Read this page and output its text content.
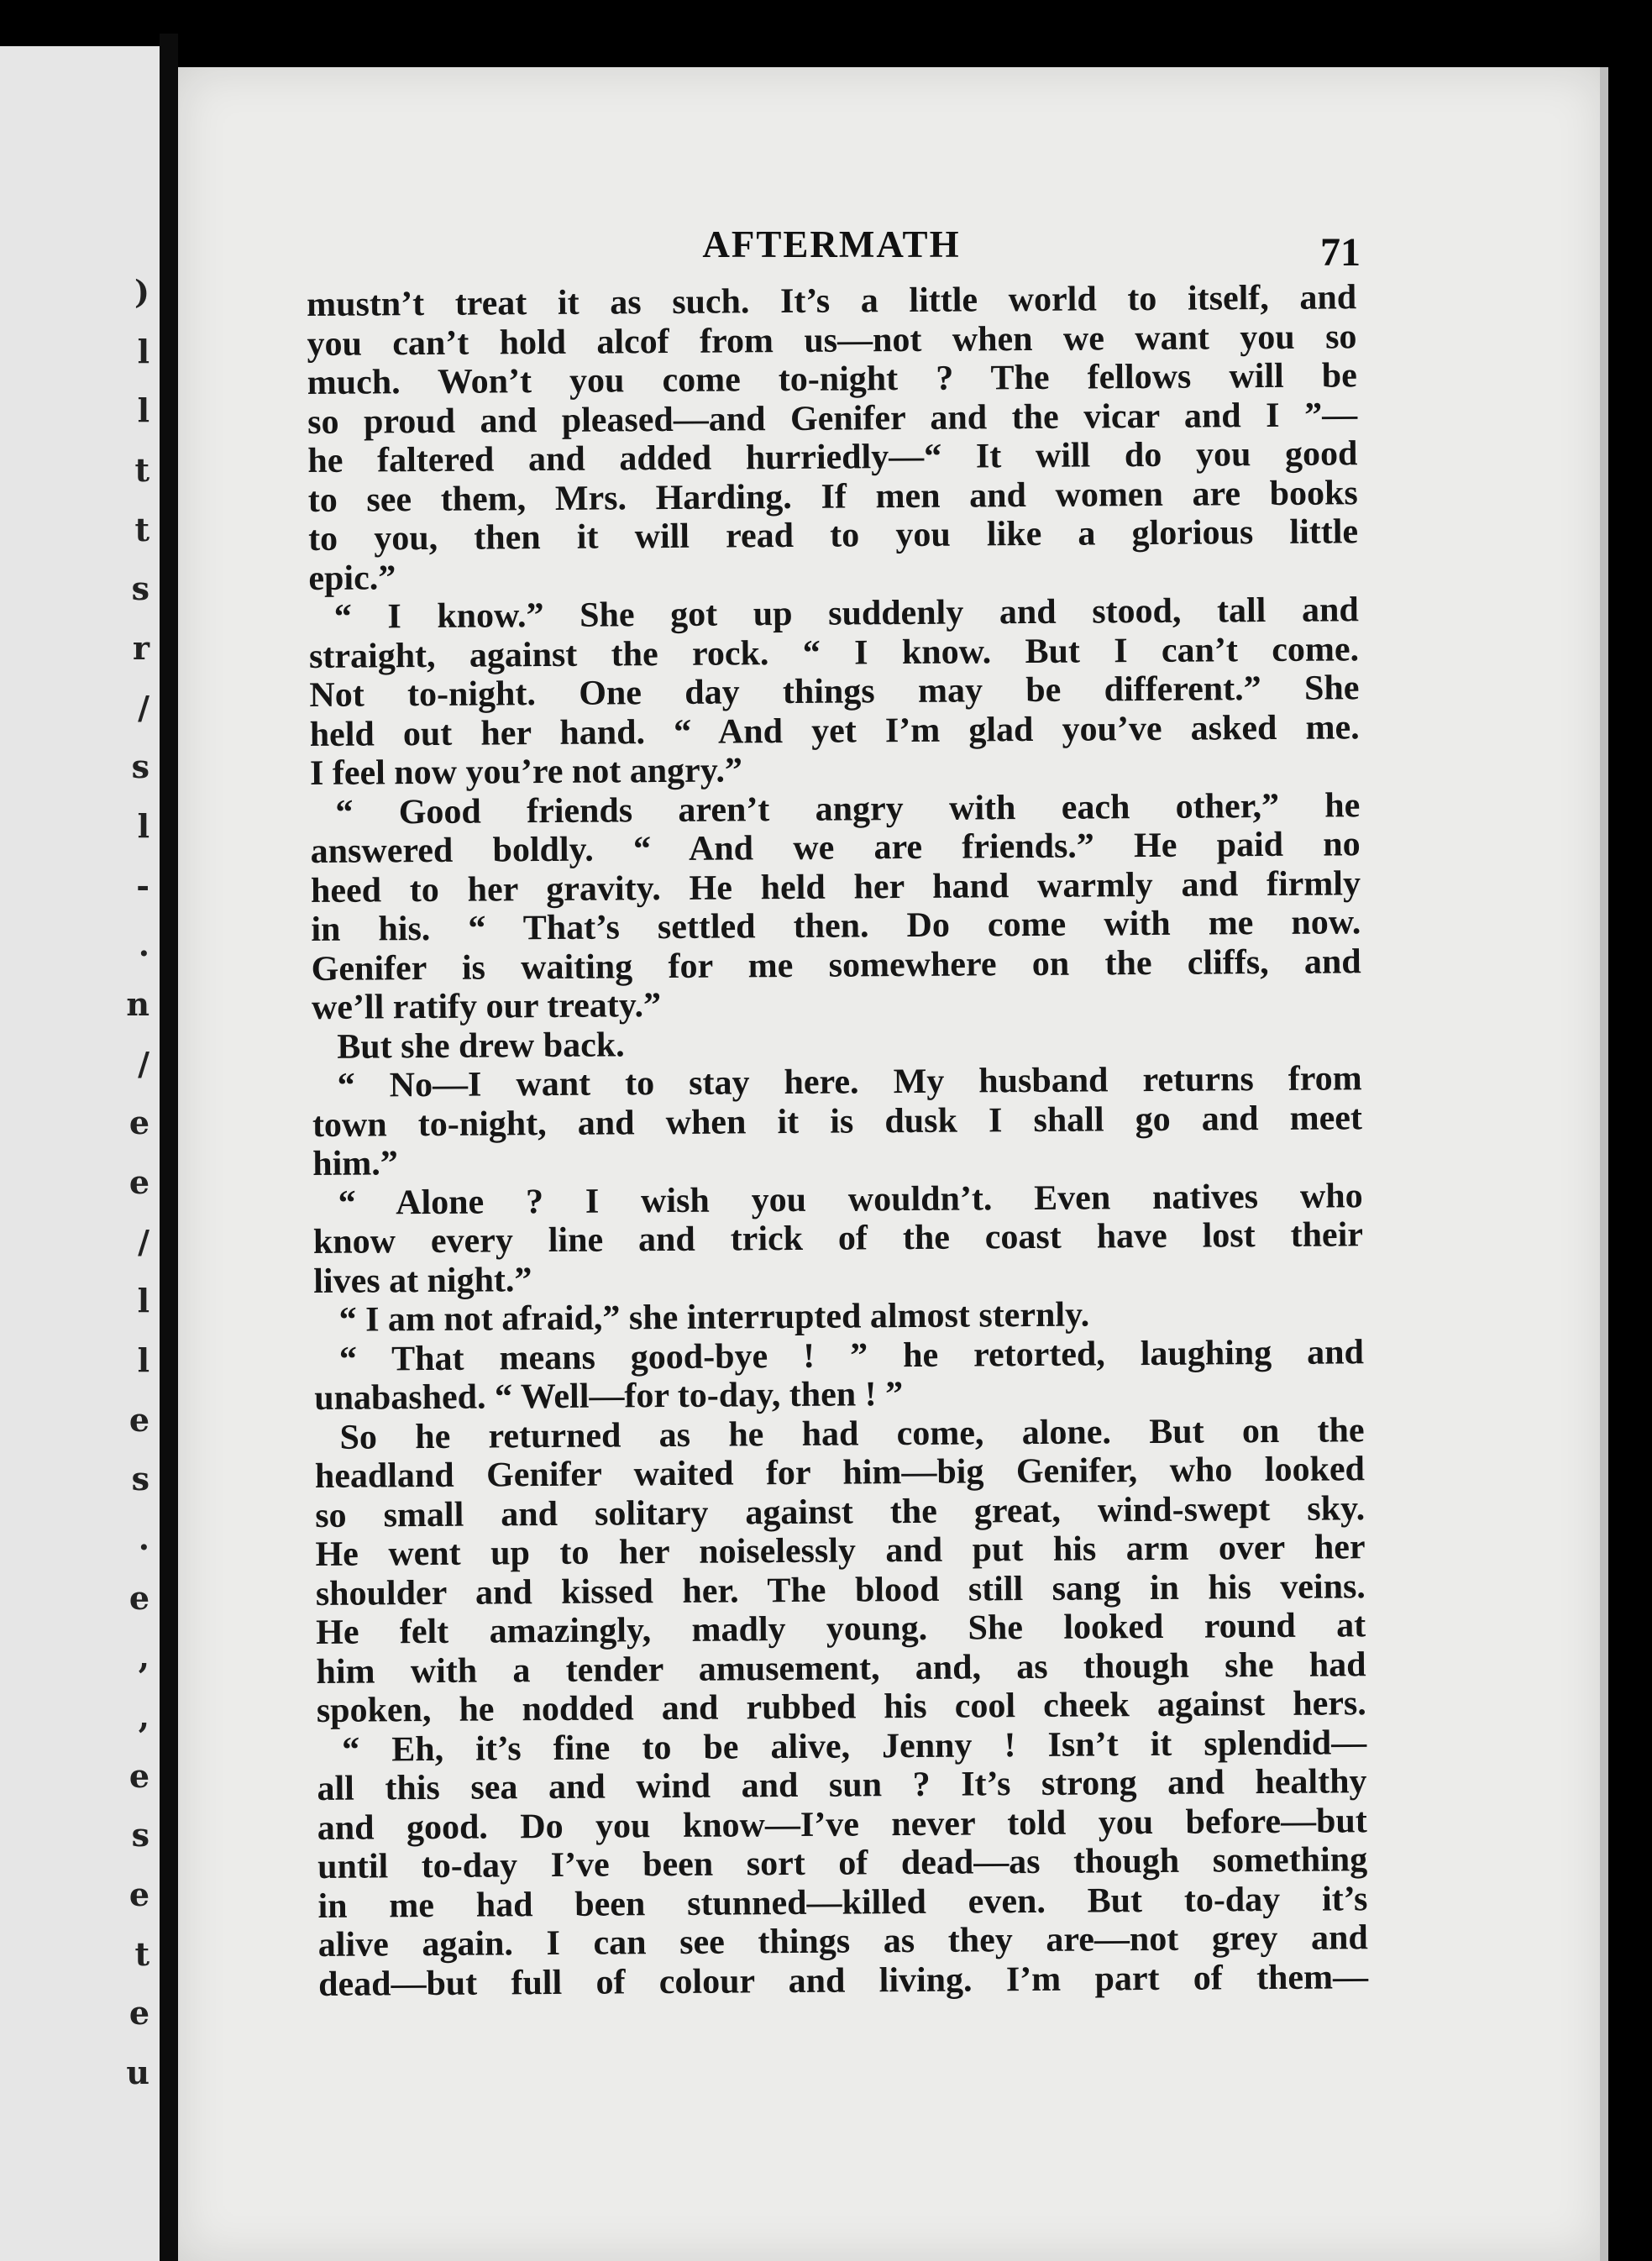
)
l
l
t
t
s
r
/
s
l
-
.
n
/
e
e
/
l
l
e
s
.
e
,
,
e
s
e
t
e
u
AFTERMATH	71
mustn’t treat it as such. It’s a little world to itself, and
you can’t hold alcof from us—not when we want you so
much. Won’t you come to-night ? The fellows will be
so proud and pleased—and Genifer and the vicar and I ”—
he faltered and added hurriedly—“ It will do you good
to see them, Mrs. Harding. If men and women are books
to you, then it will read to you like a glorious little
epic.”
“ I know.” She got up suddenly and stood, tall and
straight, against the rock. “ I know. But I can’t come.
Not to-night. One day things may be different.” She
held out her hand. “ And yet I’m glad you’ve asked me.
I feel now you’re not angry.”
“ Good friends aren’t angry with each other,” he
answered boldly. “ And we are friends.” He paid no
heed to her gravity. He held her hand warmly and firmly
in his. “ That’s settled then. Do come with me now.
Genifer is waiting for me somewhere on the cliffs, and
we’ll ratify our treaty.”
But she drew back.
“ No—I want to stay here. My husband returns from
town to-night, and when it is dusk I shall go and meet
him.”
“ Alone ? I wish you wouldn’t. Even natives who
know every line and trick of the coast have lost their
lives at night.”
“ I am not afraid,” she interrupted almost sternly.
“ That means good-bye ! ” he retorted, laughing and
unabashed. “ Well—for to-day, then ! ”
So he returned as he had come, alone. But on the
headland Genifer waited for him—big Genifer, who looked
so small and solitary against the great, wind-swept sky.
He went up to her noiselessly and put his arm over her
shoulder and kissed her. The blood still sang in his veins.
He felt amazingly, madly young. She looked round at
him with a tender amusement, and, as though she had
spoken, he nodded and rubbed his cool cheek against hers.
“ Eh, it’s fine to be alive, Jenny ! Isn’t it splendid—
all this sea and wind and sun ? It’s strong and healthy
and good. Do you know—I’ve never told you before—but
until to-day I’ve been sort of dead—as though something
in me had been stunned—killed even. But to-day it’s
alive again. I can see things as they are—not grey and
dead—but full of colour and living. I’m part of them—
